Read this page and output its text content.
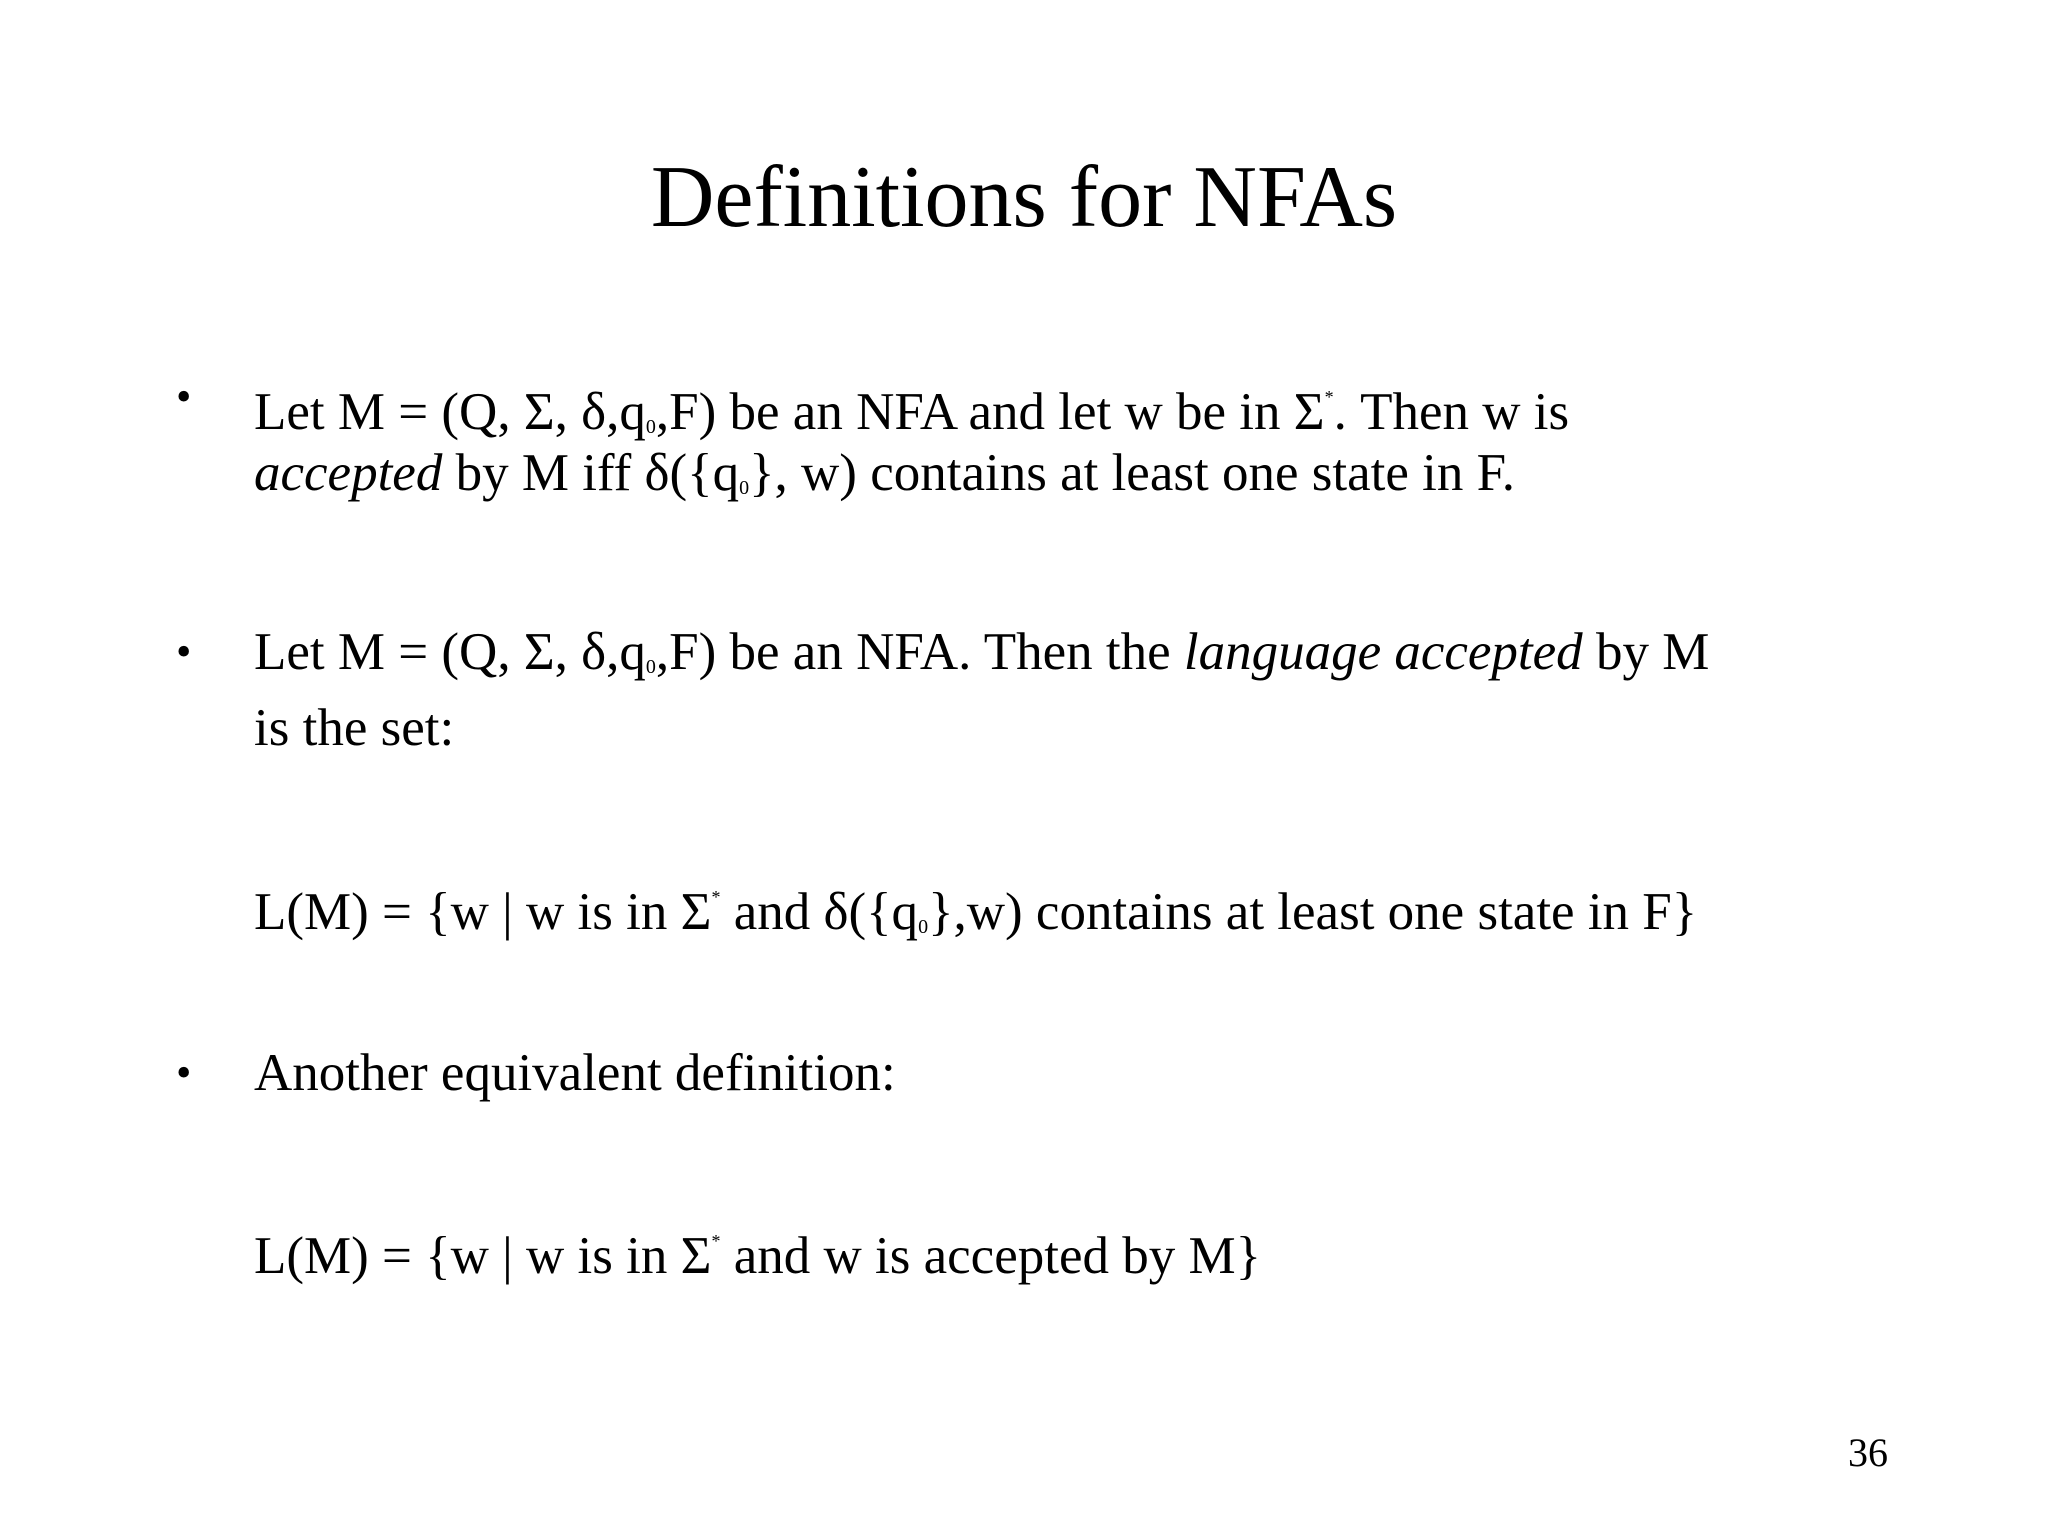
Definitions for NFAs
• Let M = (Q, Σ, δ,q0,F) be an NFA and let w be in Σ*. Then w is
accepted by M iff δ({q0}, w) contains at least one state in F.
• Let M = (Q, Σ, δ,q0,F) be an NFA. Then the language accepted by M
is the set:
L(M) = {w | w is in Σ* and δ({q0},w) contains at least one state in F}
• Another equivalent definition:
L(M) = {w | w is in Σ* and w is accepted by M}
36
